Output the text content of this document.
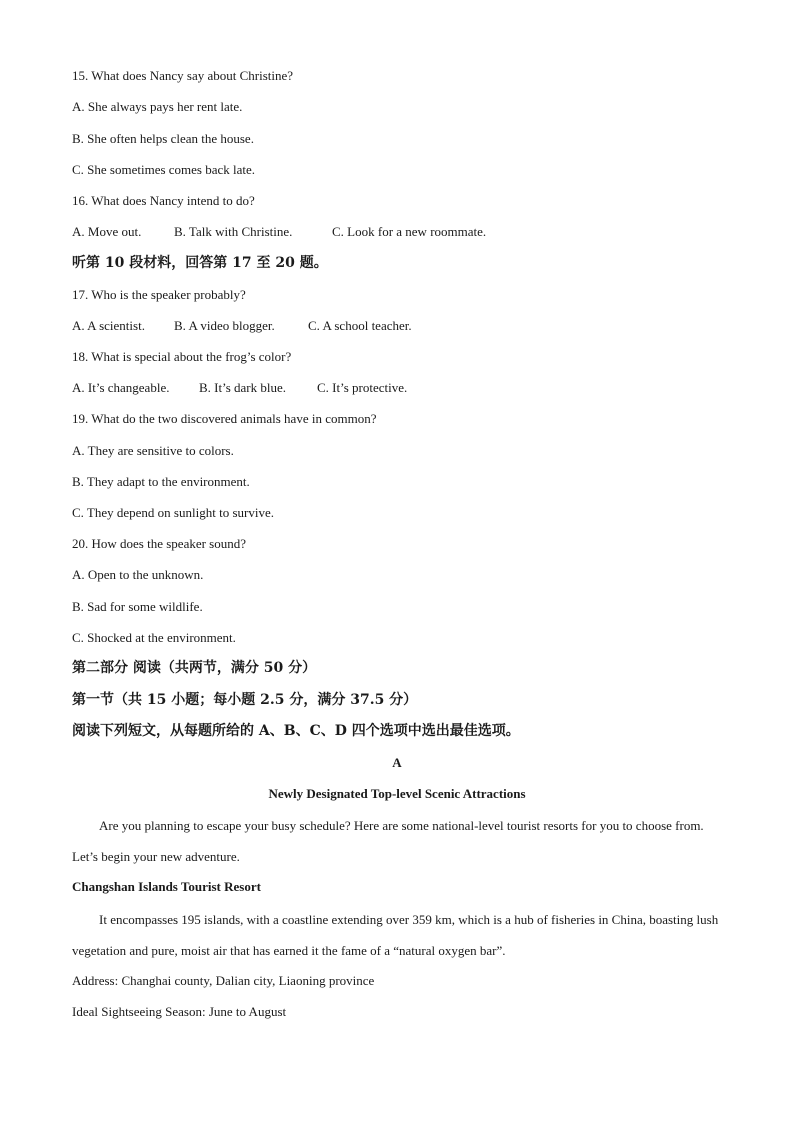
15. What does Nancy say about Christine?
A. She always pays her rent late.
B. She often helps clean the house.
C. She sometimes comes back late.
16. What does Nancy intend to do?
A. Move out.	B. Talk with Christine.	C. Look for a new roommate.
听第 10 段材料，回答第 17 至 20 题。
17. Who is the speaker probably?
A. A scientist. B. A video blogger.	C. A school teacher.
18. What is special about the frog’s color?
A. It’s changeable. B. It’s dark blue. C. It’s protective.
19. What do the two discovered animals have in common?
A. They are sensitive to colors.
B. They adapt to the environment.
C. They depend on sunlight to survive.
20. How does the speaker sound?
A. Open to the unknown.
B. Sad for some wildlife.
C. Shocked at the environment.
第二部分 阅读（共两节，满分 50 分）
第一节（共 15 小题；每小题 2.5 分，满分 37.5 分）
阅读下列短文，从每题所给的 A、B、C、D 四个选项中选出最佳选项。
A
Newly Designated Top-level Scenic Attractions
Are you planning to escape your busy schedule? Here are some national-level tourist resorts for you to choose from. Let’s begin your new adventure.
Changshan Islands Tourist Resort
It encompasses 195 islands, with a coastline extending over 359 km, which is a hub of fisheries in China, boasting lush vegetation and pure, moist air that has earned it the fame of a “natural oxygen bar”.
Address: Changhai county, Dalian city, Liaoning province
Ideal Sightseeing Season: June to August
